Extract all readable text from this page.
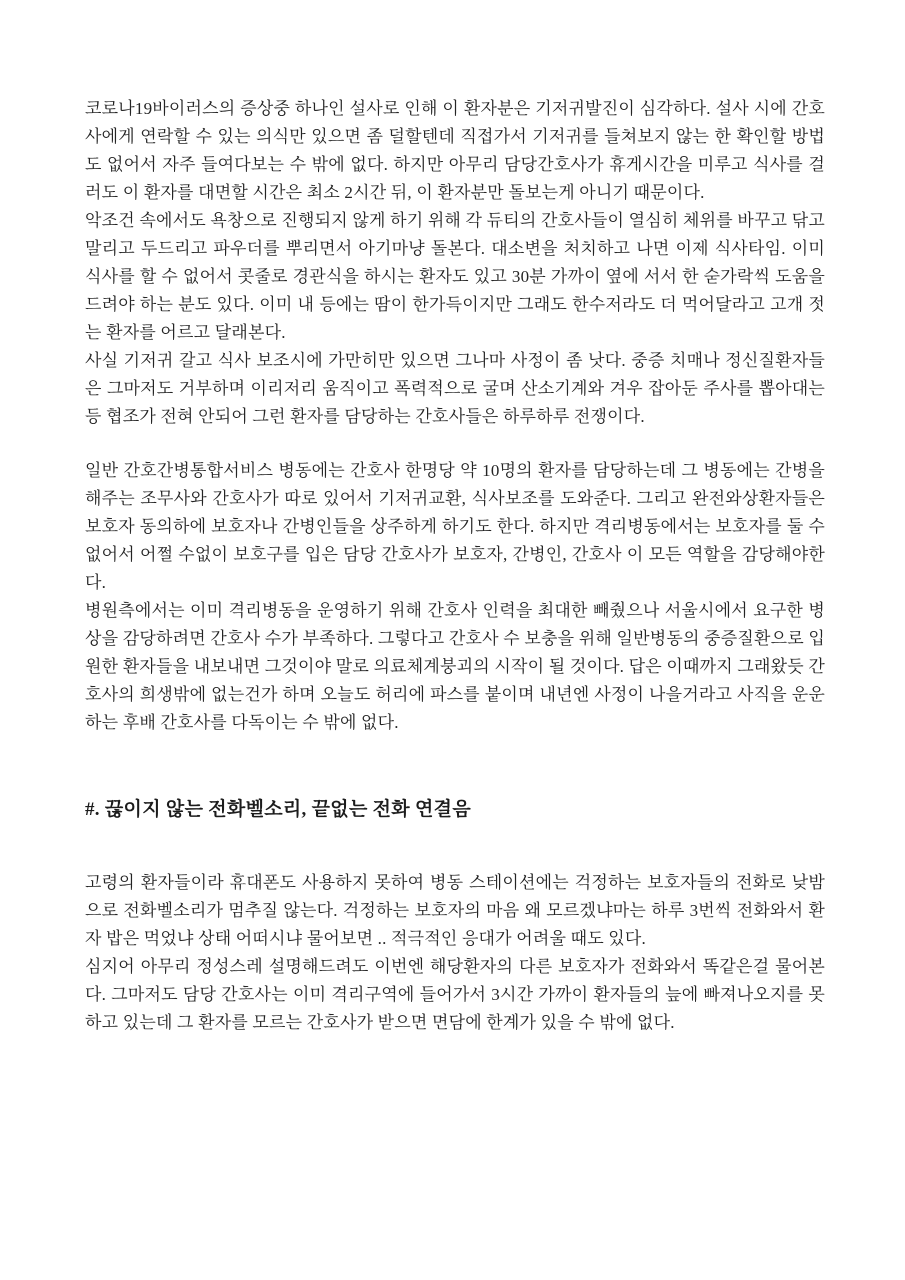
코로나19바이러스의 증상중 하나인 설사로 인해 이 환자분은 기저귀발진이 심각하다. 설사 시에 간호사에게 연락할 수 있는 의식만 있으면 좀 덜할텐데 직접가서 기저귀를 들쳐보지 않는 한 확인할 방법도 없어서 자주 들여다보는 수 밖에 없다. 하지만 아무리 담당간호사가 휴게시간을 미루고 식사를 걸러도 이 환자를 대면할 시간은 최소 2시간 뒤, 이 환자분만 돌보는게 아니기 때문이다.

악조건 속에서도 욕창으로 진행되지 않게 하기 위해 각 듀티의 간호사들이 열심히 체위를 바꾸고 닦고 말리고 두드리고 파우더를 뿌리면서 아기마냥 돌본다. 대소변을 처치하고 나면 이제 식사타임. 이미 식사를 할 수 없어서 콧줄로 경관식을 하시는 환자도 있고 30분 가까이 옆에 서서 한 숟가락씩 도움을 드려야 하는 분도 있다. 이미 내 등에는 땀이 한가득이지만 그래도 한수저라도 더 먹어달라고 고개 젓는 환자를 어르고 달래본다.

사실 기저귀 갈고 식사 보조시에 가만히만 있으면 그나마 사정이 좀 낫다. 중증 치매나 정신질환자들은 그마저도 거부하며 이리저리 움직이고 폭력적으로 굴며 산소기계와 겨우 잡아둔 주사를 뽑아대는 등 협조가 전혀 안되어 그런 환자를 담당하는 간호사들은 하루하루 전쟁이다.

일반 간호간병통합서비스 병동에는 간호사 한명당 약 10명의 환자를 담당하는데 그 병동에는 간병을 해주는 조무사와 간호사가 따로 있어서 기저귀교환, 식사보조를 도와준다. 그리고 완전와상환자들은 보호자 동의하에 보호자나 간병인들을 상주하게 하기도 한다. 하지만 격리병동에서는 보호자를 둘 수 없어서 어쩔 수없이 보호구를 입은 담당 간호사가 보호자, 간병인, 간호사 이 모든 역할을 감당해야한다.

병원측에서는 이미 격리병동을 운영하기 위해 간호사 인력을 최대한 빼줬으나 서울시에서 요구한 병상을 감당하려면 간호사 수가 부족하다. 그렇다고 간호사 수 보충을 위해 일반병동의 중증질환으로 입원한 환자들을 내보내면 그것이야 말로 의료체계붕괴의 시작이 될 것이다. 답은 이때까지 그래왔듯 간호사의 희생밖에 없는건가 하며 오늘도 허리에 파스를 붙이며 내년엔 사정이 나을거라고 사직을 운운하는 후배 간호사를 다독이는 수 밖에 없다.

#. 끊이지 않는 전화벨소리, 끝없는 전화 연결음

고령의 환자들이라 휴대폰도 사용하지 못하여 병동 스테이션에는 걱정하는 보호자들의 전화로 낮밤으로 전화벨소리가 멈추질 않는다. 걱정하는 보호자의 마음 왜 모르겠냐마는 하루 3번씩 전화와서 환자 밥은 먹었냐 상태 어떠시냐 물어보면 .. 적극적인 응대가 어려울 때도 있다.

심지어 아무리 정성스레 설명해드려도 이번엔 해당환자의 다른 보호자가 전화와서 똑같은걸 물어본다. 그마저도 담당 간호사는 이미 격리구역에 들어가서 3시간 가까이 환자들의 늪에 빠져나오지를 못하고 있는데 그 환자를 모르는 간호사가 받으면 면담에 한계가 있을 수 밖에 없다.
